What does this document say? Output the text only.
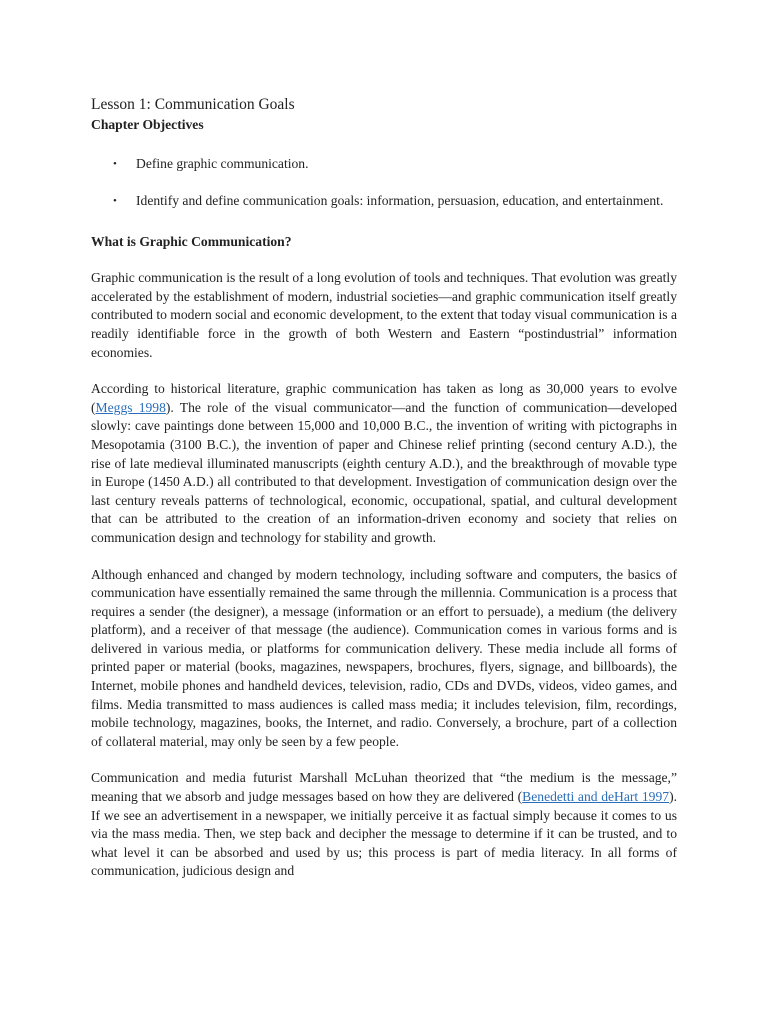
Lesson 1: Communication Goals
Chapter Objectives
• Define graphic communication.
• Identify and define communication goals: information, persuasion, education, and entertainment.
What is Graphic Communication?

Graphic communication is the result of a long evolution of tools and techniques. That evolution was greatly accelerated by the establishment of modern, industrial societies—and graphic communication itself greatly contributed to modern social and economic development, to the extent that today visual communication is a readily identifiable force in the growth of both Western and Eastern “postindustrial” information economies.

According to historical literature, graphic communication has taken as long as 30,000 years to evolve (Meggs 1998). The role of the visual communicator—and the function of communication—developed slowly: cave paintings done between 15,000 and 10,000 B.C., the invention of writing with pictographs in Mesopotamia (3100 B.C.), the invention of paper and Chinese relief printing (second century A.D.), the rise of late medieval illuminated manuscripts (eighth century A.D.), and the breakthrough of movable type in Europe (1450 A.D.) all contributed to that development. Investigation of communication design over the last century reveals patterns of technological, economic, occupational, spatial, and cultural development that can be attributed to the creation of an information-driven economy and society that relies on communication design and technology for stability and growth.

Although enhanced and changed by modern technology, including software and computers, the basics of communication have essentially remained the same through the millennia. Communication is a process that requires a sender (the designer), a message (information or an effort to persuade), a medium (the delivery platform), and a receiver of that message (the audience). Communication comes in various forms and is delivered in various media, or platforms for communication delivery. These media include all forms of printed paper or material (books, magazines, newspapers, brochures, flyers, signage, and billboards), the Internet, mobile phones and handheld devices, television, radio, CDs and DVDs, videos, video games, and films. Media transmitted to mass audiences is called mass media; it includes television, film, recordings, mobile technology, magazines, books, the Internet, and radio. Conversely, a brochure, part of a collection of collateral material, may only be seen by a few people.

Communication and media futurist Marshall McLuhan theorized that “the medium is the message,” meaning that we absorb and judge messages based on how they are delivered (Benedetti and deHart 1997). If we see an advertisement in a newspaper, we initially perceive it as factual simply because it comes to us via the mass media. Then, we step back and decipher the message to determine if it can be trusted, and to what level it can be absorbed and used by us; this process is part of media literacy. In all forms of communication, judicious design and
